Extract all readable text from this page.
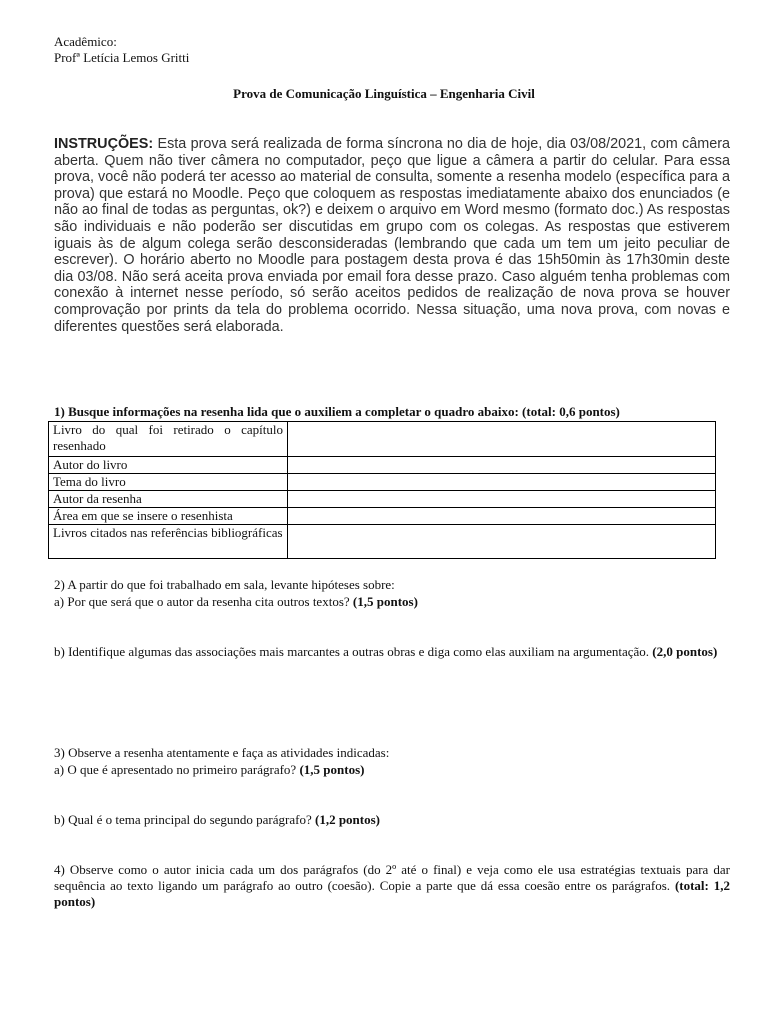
Acadêmico:
Profª Letícia Lemos Gritti
Prova de Comunicação Linguística – Engenharia Civil

INSTRUÇÕES: Esta prova será realizada de forma síncrona no dia de hoje, dia 03/08/2021, com câmera aberta. Quem não tiver câmera no computador, peço que ligue a câmera a partir do celular. Para essa prova, você não poderá ter acesso ao material de consulta, somente a resenha modelo (específica para a prova) que estará no Moodle. Peço que coloquem as respostas imediatamente abaixo dos enunciados (e não ao final de todas as perguntas, ok?) e deixem o arquivo em Word mesmo (formato doc.) As respostas são individuais e não poderão ser discutidas em grupo com os colegas. As respostas que estiverem iguais às de algum colega serão desconsideradas (lembrando que cada um tem um jeito peculiar de escrever). O horário aberto no Moodle para postagem desta prova é das 15h50min às 17h30min deste dia 03/08. Não será aceita prova enviada por email fora desse prazo. Caso alguém tenha problemas com conexão à internet nesse período, só serão aceitos pedidos de realização de nova prova se houver comprovação por prints da tela do problema ocorrido. Nessa situação, uma nova prova, com novas e diferentes questões será elaborada.

1) Busque informações na resenha lida que o auxiliem a completar o quadro abaixo: (total: 0,6 pontos)
Livro do qual foi retirado o capítulo resenhado	
Autor do livro	
Tema do livro	
Autor da resenha	
Área em que se insere o resenhista	
Livros citados nas referências bibliográficas	
2) A partir do que foi trabalhado em sala, levante hipóteses sobre:
a) Por que será que o autor da resenha cita outros textos? (1,5 pontos)
b) Identifique algumas das associações mais marcantes a outras obras e diga como elas auxiliam na argumentação. (2,0 pontos)
3) Observe a resenha atentamente e faça as atividades indicadas:
a) O que é apresentado no primeiro parágrafo? (1,5 pontos)
b) Qual é o tema principal do segundo parágrafo? (1,2 pontos)
4) Observe como o autor inicia cada um dos parágrafos (do 2º até o final) e veja como ele usa estratégias textuais para dar sequência ao texto ligando um parágrafo ao outro (coesão). Copie a parte que dá essa coesão entre os parágrafos. (total: 1,2 pontos)
